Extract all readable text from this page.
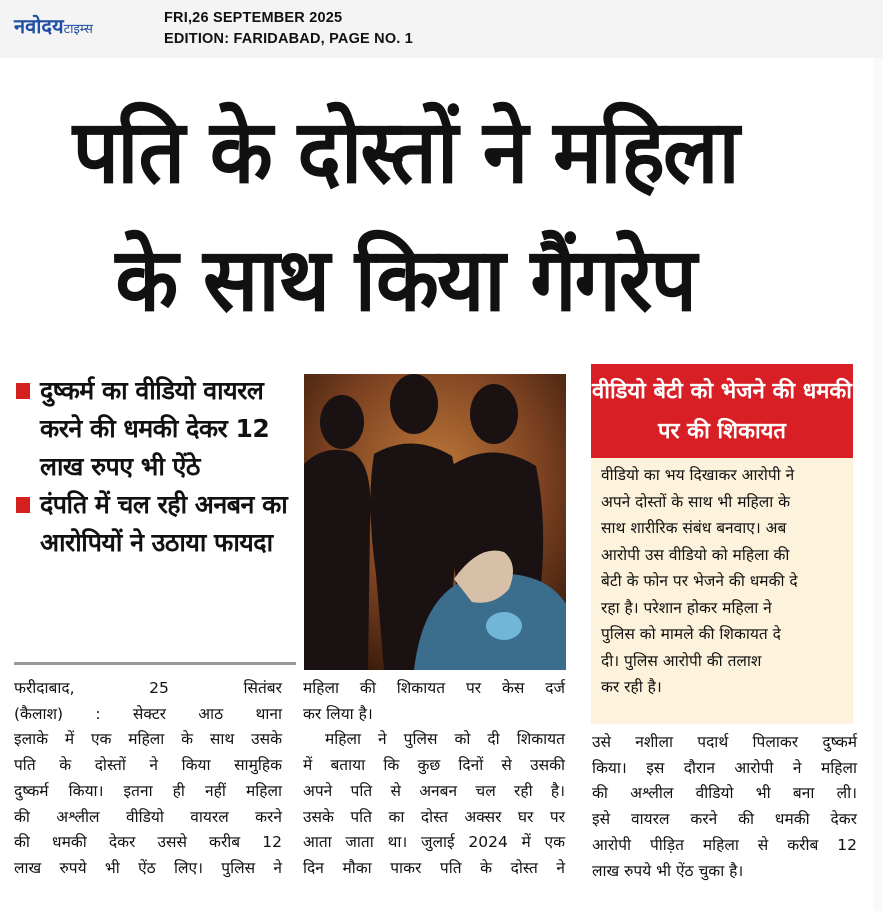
नवोदयटाइम्स
FRI,26 SEPTEMBER 2025
EDITION: FARIDABAD, PAGE NO. 1
पति के दोस्तों ने महिला
के साथ किया गैंगरेप
दुष्कर्म का वीडियो वायरल करने की धमकी देकर 12 लाख रुपए भी ऐंठे
दंपति में चल रही अनबन का आरोपियों ने उठाया फायदा
वीडियो बेटी को भेजने की धमकी पर की शिकायत
वीडियो का भय दिखाकर आरोपी ने
अपने दोस्तों के साथ भी महिला के
साथ शारीरिक संबंध बनवाए। अब
आरोपी उस वीडियो को महिला की
बेटी के फोन पर भेजने की धमकी दे
रहा है। परेशान होकर महिला ने
पुलिस को मामले की शिकायत दे
दी। पुलिस आरोपी की तलाश
कर रही है।

फरीदाबाद, 25 सितंबर

(कैलाश) : सेक्टर आठ थाना

इलाके में एक महिला के साथ उसके

पति के दोस्तों ने किया सामुहिक

दुष्कर्म किया। इतना ही नहीं महिला

की अश्लील वीडियो वायरल करने

की धमकी देकर उससे करीब 12

लाख रुपये भी ऐंठ लिए। पुलिस ने

महिला की शिकायत पर केस दर्ज

कर लिया है।

महिला ने पुलिस को दी शिकायत

में बताया कि कुछ दिनों से उसकी

अपने पति से अनबन चल रही है।

उसके पति का दोस्त अक्सर घर पर

आता जाता था। जुलाई 2024 में एक

दिन मौका पाकर पति के दोस्त ने

उसे नशीला पदार्थ पिलाकर दुष्कर्म

किया। इस दौरान आरोपी ने महिला

की अश्लील वीडियो भी बना ली।

इसे वायरल करने की धमकी देकर

आरोपी पीड़ित महिला से करीब 12

लाख रुपये भी ऐंठ चुका है।
